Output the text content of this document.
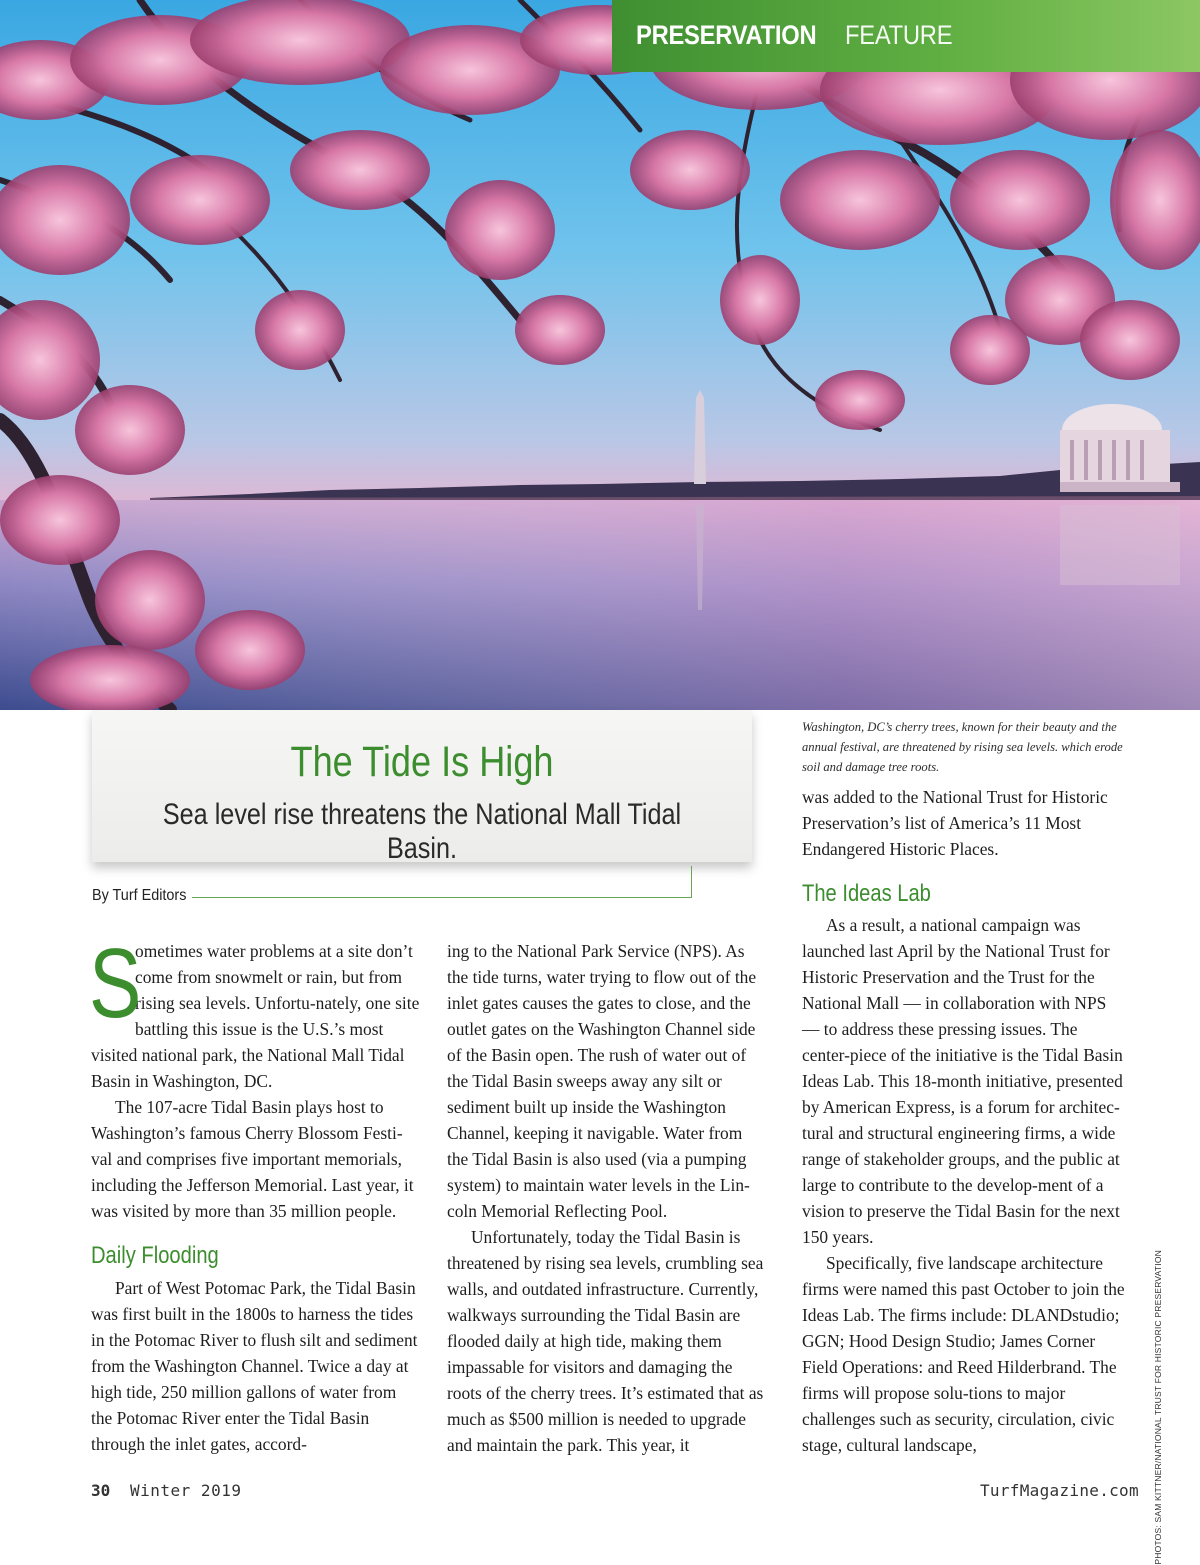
PRESERVATION FEATURE
The Tide Is High
Sea level rise threatens the National Mall Tidal Basin.
By Turf Editors
Washington, DC’s cherry trees, known for their beauty and the annual festival, are threatened by rising sea levels. which erode soil and damage tree roots.

S
ometimes water problems at a site don’t come from snowmelt or rain, but from rising sea levels. Unfortu-nately, one site battling this issue is the U.S.’s most visited national park, the National Mall Tidal Basin in Washington, DC.

The 107-acre Tidal Basin plays host to Washington’s famous Cherry Blossom Festi-val and comprises five important memorials, including the Jefferson Memorial. Last year, it was visited by more than 35 million people.

Daily Flooding

Part of West Potomac Park, the Tidal Basin was first built in the 1800s to harness the tides in the Potomac River to flush silt and sediment from the Washington Channel. Twice a day at high tide, 250 million gallons of water from the Potomac River enter the Tidal Basin through the inlet gates, accord-

ing to the National Park Service (NPS). As the tide turns, water trying to flow out of the inlet gates causes the gates to close, and the outlet gates on the Washington Channel side of the Basin open. The rush of water out of the Tidal Basin sweeps away any silt or sediment built up inside the Washington Channel, keeping it navigable. Water from the Tidal Basin is also used (via a pumping system) to maintain water levels in the Lin-coln Memorial Reflecting Pool.

Unfortunately, today the Tidal Basin is threatened by rising sea levels, crumbling sea walls, and outdated infrastructure. Currently, walkways surrounding the Tidal Basin are flooded daily at high tide, making them impassable for visitors and damaging the roots of the cherry trees. It’s estimated that as much as $500 million is needed to upgrade and maintain the park. This year, it

was added to the National Trust for Historic Preservation’s list of America’s 11 Most Endangered Historic Places.

The Ideas Lab

As a result, a national campaign was launched last April by the National Trust for Historic Preservation and the Trust for the National Mall — in collaboration with NPS — to address these pressing issues. The center-piece of the initiative is the Tidal Basin Ideas Lab. This 18-month initiative, presented by American Express, is a forum for architec-tural and structural engineering firms, a wide range of stakeholder groups, and the public at large to contribute to the develop-ment of a vision to preserve the Tidal Basin for the next 150 years.

Specifically, five landscape architecture firms were named this past October to join the Ideas Lab. The firms include: DLANDstudio; GGN; Hood Design Studio; James Corner Field Operations: and Reed Hilderbrand. The firms will propose solu-tions to major challenges such as security, circulation, civic stage, cultural landscape,	PHOTOS: SAM KITTNER/NATIONAL TRUST FOR HISTORIC PRESERVATION
30 Winter 2019	TurfMagazine.com
